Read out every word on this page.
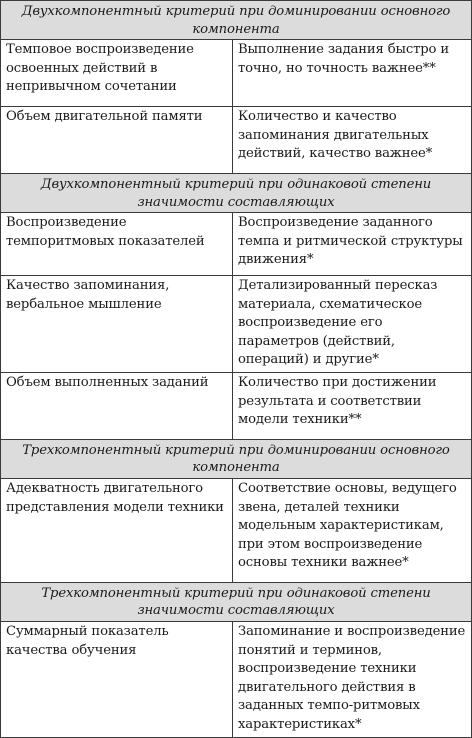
Двухкомпонентный критерий при доминировании основного компонента	
Темповое воспроизведение освоенных действий в непривычном сочетании	Выполнение задания быстро и точно, но точность важнее**
Объем двигательной памяти	Количество и качество запоминания двигательных действий, качество важнее*
Двухкомпонентный критерий при одинаковой степени значимости составляющих	
Воспроизведение темпоритмовых показателей	Воспроизведение заданного темпа и ритмической структуры движения*
Качество запоминания, вербальное мышление	Детализированный пересказ материала, схематическое воспроизведение его параметров (действий, операций) и другие*
Объем выполненных заданий	Количество при достижении результата и соответствии модели техники**
Трехкомпонентный критерий при доминировании основного компонента	
Адекватность двигательного представления модели техники	Соответствие основы, ведущего звена, деталей техники модельным характеристикам, при этом воспроизведение основы техники важнее*
Трехкомпонентный критерий при одинаковой степени значимости составляющих	
Суммарный показатель качества обучения	Запоминание и воспроизведение понятий и терминов, воспроизведение техники двигательного действия в заданных темпо-ритмовых характеристиках*
